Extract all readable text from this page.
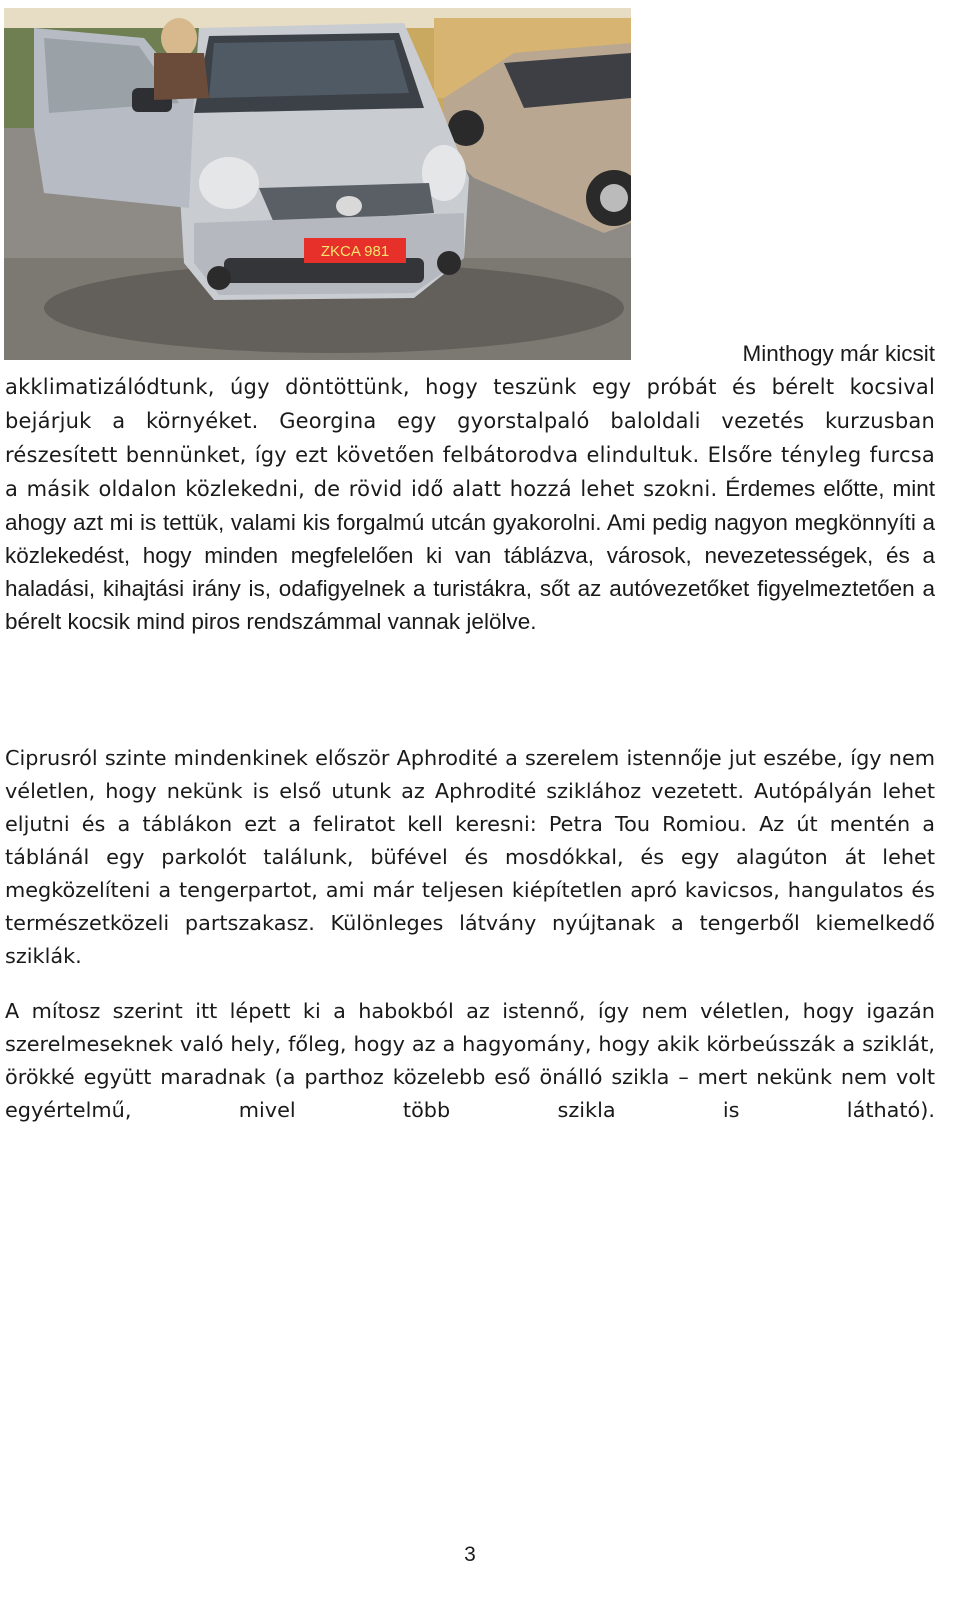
ZKCA 981

Minthogy már kicsit
akklimatizálódtunk, úgy döntöttünk, hogy teszünk egy próbát és bérelt kocsival bejárjuk a környéket. Georgina egy gyorstalpaló baloldali vezetés kurzusban részesített bennünket, így ezt követően felbátorodva elindultuk. Elsőre tényleg furcsa a másik oldalon közlekedni, de rövid idő alatt hozzá lehet szokni. Érdemes előtte, mint ahogy azt mi is tettük, valami kis forgalmú utcán gyakorolni. Ami pedig nagyon megkönnyíti a közlekedést, hogy minden megfelelően ki van táblázva, városok, nevezetességek, és a haladási, kihajtási irány is, odafigyelnek a turistákra, sőt az autóvezetőket figyelmeztetően a bérelt kocsik mind piros rendszámmal vannak jelölve.

Ciprusról szinte mindenkinek először Aphrodité a szerelem istennője jut eszébe, így nem véletlen, hogy nekünk is első utunk az Aphrodité sziklához vezetett. Autópályán lehet eljutni és a táblákon ezt a feliratot kell keresni: Petra Tou Romiou. Az út mentén a táblánál egy parkolót találunk, büfével és mosdókkal, és egy alagúton át lehet megközelíteni a tengerpartot, ami már teljesen kiépítetlen apró kavicsos, hangulatos és természetközeli partszakasz. Különleges látvány nyújtanak a tengerből kiemelkedő sziklák.

A mítosz szerint itt lépett ki a habokból az istennő, így nem véletlen, hogy igazán szerelmeseknek való hely, főleg, hogy az a hagyomány, hogy akik körbeússzák a sziklát, örökké együtt maradnak (a parthoz közelebb eső önálló szikla – mert nekünk nem volt egyértelmű, mivel több szikla is látható).

3
